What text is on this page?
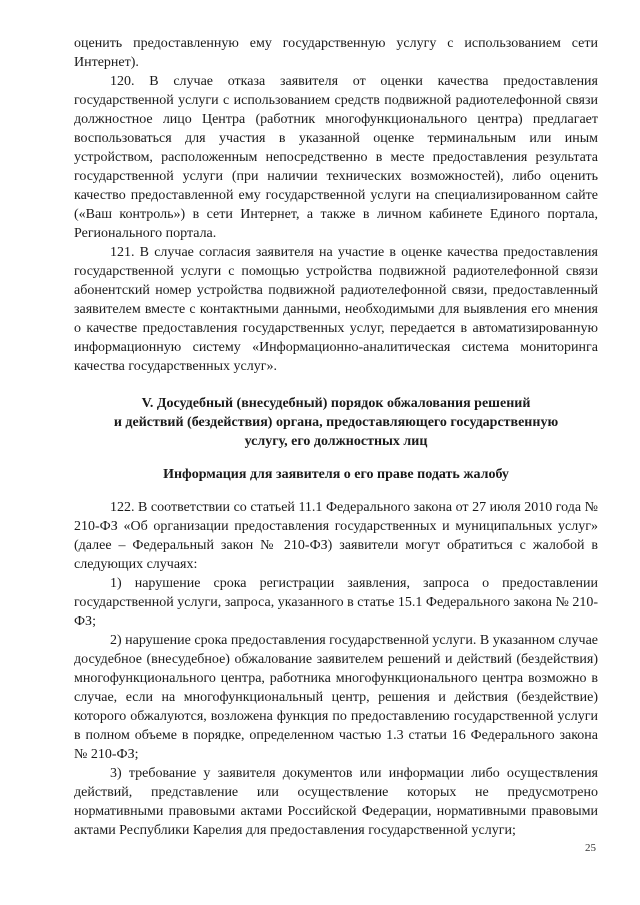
оценить предоставленную ему государственную услугу с использованием сети Интернет).

120. В случае отказа заявителя от оценки качества предоставления государственной услуги с использованием средств подвижной радиотелефонной связи должностное лицо Центра (работник многофункционального центра) предлагает воспользоваться для участия в указанной оценке терминальным или иным устройством, расположенным непосредственно в месте предоставления результата государственной услуги (при наличии технических возможностей), либо оценить качество предоставленной ему государственной услуги на специализированном сайте («Ваш контроль») в сети Интернет, а также в личном кабинете Единого портала, Регионального портала.

121. В случае согласия заявителя на участие в оценке качества предоставления государственной услуги с помощью устройства подвижной радиотелефонной связи абонентский номер устройства подвижной радиотелефонной связи, предоставленный заявителем вместе с контактными данными, необходимыми для выявления его мнения о качестве предоставления государственных услуг, передается в автоматизированную информационную систему «Информационно-аналитическая система мониторинга качества государственных услуг».

V. Досудебный (внесудебный) порядок обжалования решений

и действий (бездействия) органа, предоставляющего государственную

услугу, его должностных лиц

Информация для заявителя о его праве подать жалобу

122. В соответствии со статьей 11.1 Федерального закона от 27 июля 2010 года № 210-ФЗ «Об организации предоставления государственных и муниципальных услуг» (далее – Федеральный закон № 210-ФЗ) заявители могут обратиться с жалобой в следующих случаях:

1) нарушение срока регистрации заявления, запроса о предоставлении государственной услуги, запроса, указанного в статье 15.1 Федерального закона № 210-ФЗ;

2) нарушение срока предоставления государственной услуги. В указанном случае досудебное (внесудебное) обжалование заявителем решений и действий (бездействия) многофункционального центра, работника многофункционального центра возможно в случае, если на многофункциональный центр, решения и действия (бездействие) которого обжалуются, возложена функция по предоставлению государственной услуги в полном объеме в порядке, определенном частью 1.3 статьи 16 Федерального закона № 210-ФЗ;

3) требование у заявителя документов или информации либо осуществления действий, представление или осуществление которых не предусмотрено нормативными правовыми актами Российской Федерации, нормативными правовыми актами Республики Карелия для предоставления государственной услуги;

25
